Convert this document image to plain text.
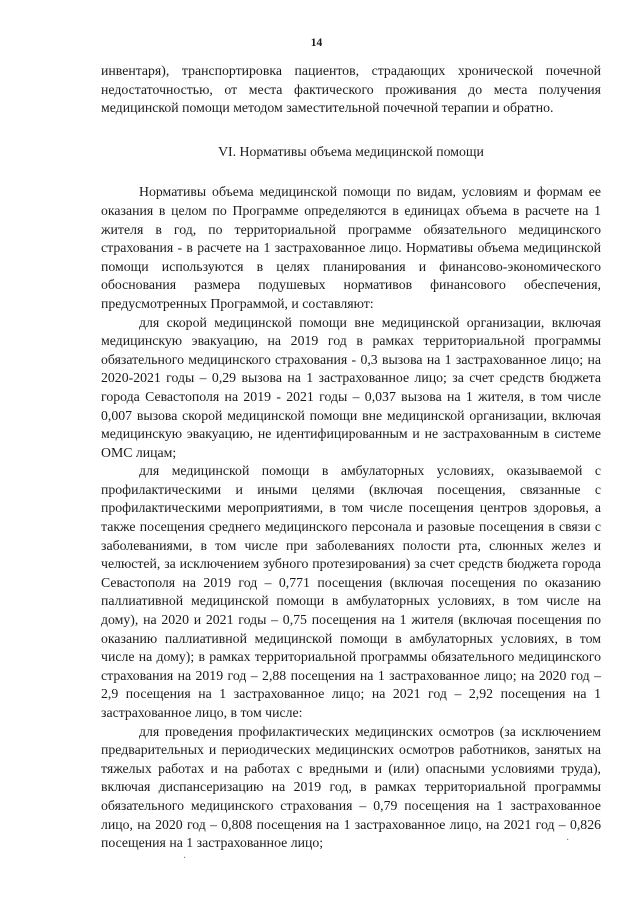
14

инвентаря), транспортировка пациентов, страдающих хронической почечной недостаточностью, от места фактического проживания до места получения медицинской помощи методом заместительной почечной терапии и обратно.

VI. Нормативы объема медицинской помощи

Нормативы объема медицинской помощи по видам, условиям и формам ее оказания в целом по Программе определяются в единицах объема в расчете на 1 жителя в год, по территориальной программе обязательного медицинского страхования - в расчете на 1 застрахованное лицо. Нормативы объема медицинской помощи используются в целях планирования и финансово-экономического обоснования размера подушевых нормативов финансового обеспечения, предусмотренных Программой, и составляют:

для скорой медицинской помощи вне медицинской организации, включая медицинскую эвакуацию, на 2019 год в рамках территориальной программы обязательного медицинского страхования - 0,3 вызова на 1 застрахованное лицо; на 2020-2021 годы – 0,29 вызова на 1 застрахованное лицо; за счет средств бюджета города Севастополя на 2019 - 2021 годы – 0,037 вызова на 1 жителя, в том числе 0,007 вызова скорой медицинской помощи вне медицинской организации, включая медицинскую эвакуацию, не идентифицированным и не застрахованным в системе ОМС лицам;

для медицинской помощи в амбулаторных условиях, оказываемой с профилактическими и иными целями (включая посещения, связанные с профилактическими мероприятиями, в том числе посещения центров здоровья, а также посещения среднего медицинского персонала и разовые посещения в связи с заболеваниями, в том числе при заболеваниях полости рта, слюнных желез и челюстей, за исключением зубного протезирования) за счет средств бюджета города Севастополя на 2019 год – 0,771 посещения (включая посещения по оказанию паллиативной медицинской помощи в амбулаторных условиях, в том числе на дому), на 2020 и 2021 годы – 0,75 посещения на 1 жителя (включая посещения по оказанию паллиативной медицинской помощи в амбулаторных условиях, в том числе на дому); в рамках территориальной программы обязательного медицинского страхования на 2019 год – 2,88 посещения на 1 застрахованное лицо; на 2020 год – 2,9 посещения на 1 застрахованное лицо; на 2021 год – 2,92 посещения на 1 застрахованное лицо, в том числе:

для проведения профилактических медицинских осмотров (за исключением предварительных и периодических медицинских осмотров работников, занятых на тяжелых работах и на работах с вредными и (или) опасными условиями труда), включая диспансеризацию на 2019 год, в рамках территориальной программы обязательного медицинского страхования – 0,79 посещения на 1 застрахованное лицо, на 2020 год – 0,808 посещения на 1 застрахованное лицо, на 2021 год – 0,826 посещения на 1 застрахованное лицо;

·
·
